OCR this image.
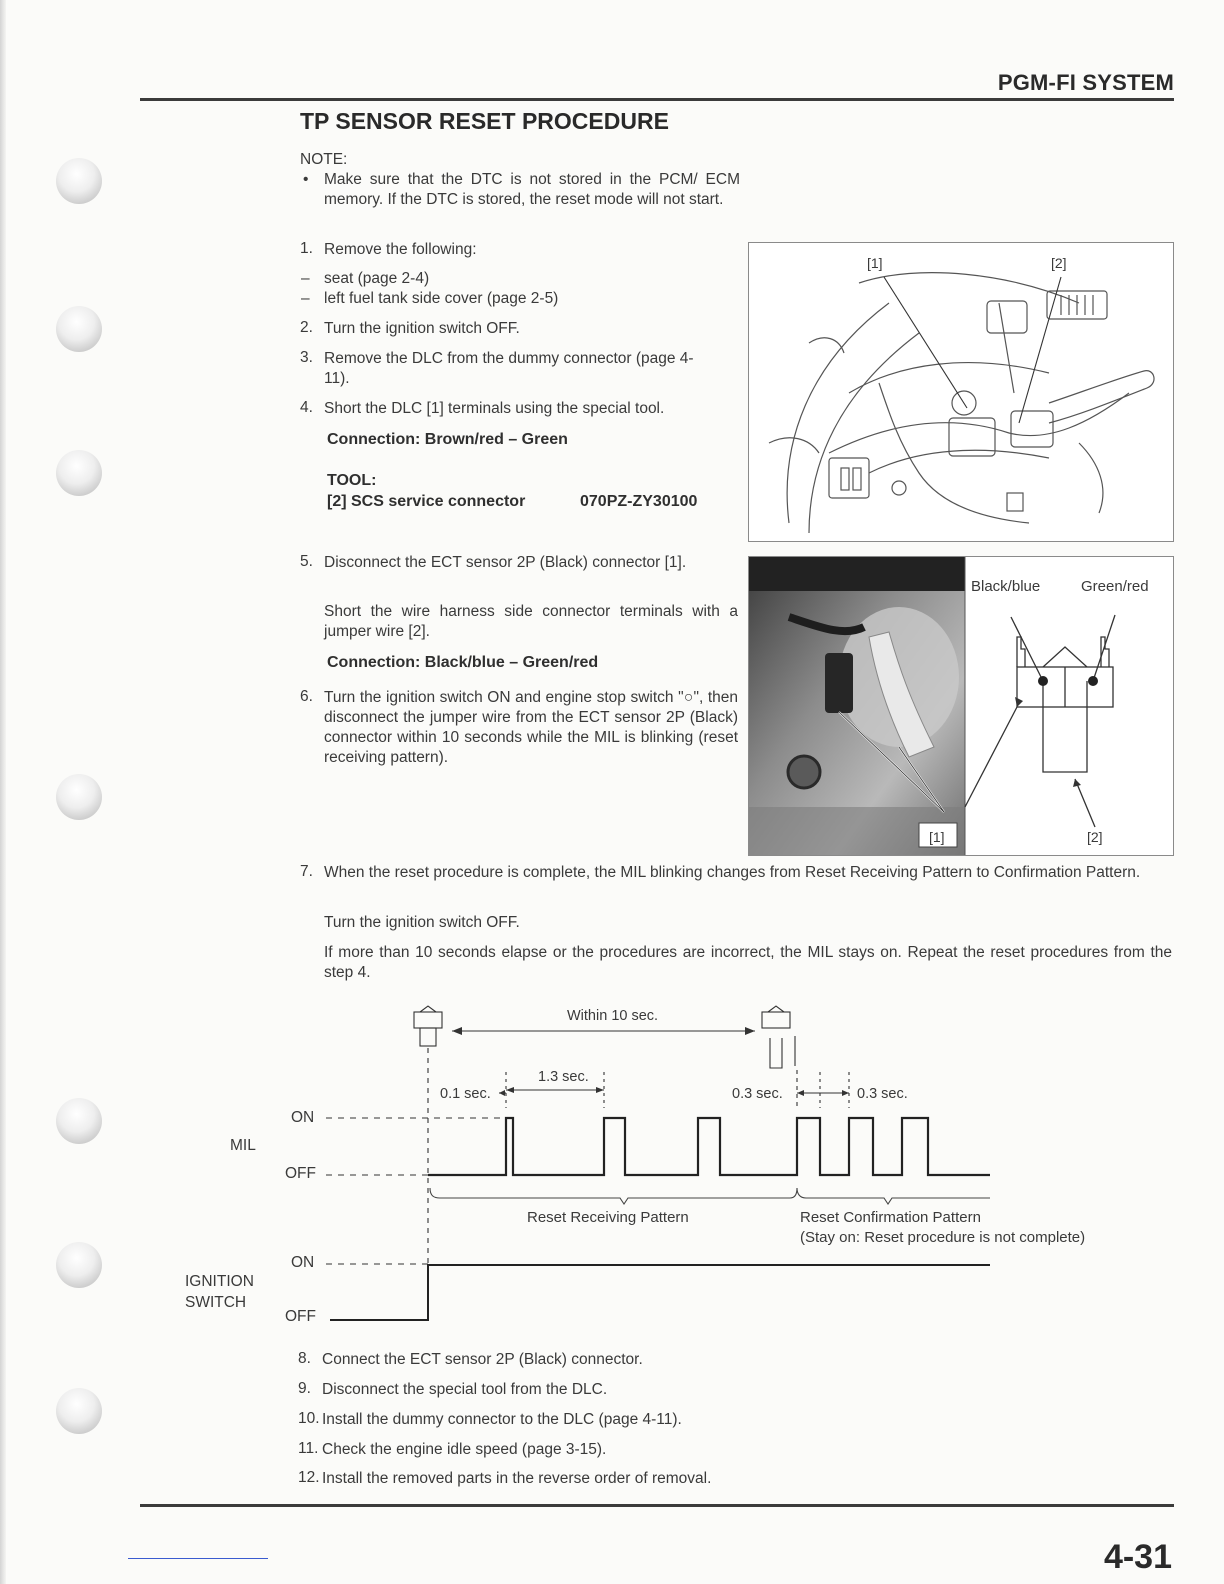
PGM-FI SYSTEM
TP SENSOR RESET PROCEDURE
NOTE:
• Make sure that the DTC is not stored in the PCM/ ECM memory. If the DTC is stored, the reset mode will not start.
1. Remove the following:
– seat (page 2-4)
– left fuel tank side cover (page 2-5)
2. Turn the ignition switch OFF.
3. Remove the DLC from the dummy connector (page 4-11).
4. Short the DLC [1] terminals using the special tool.
Connection: Brown/red – Green
TOOL:
[2] SCS service connector	070PZ-ZY30100
5. Disconnect the ECT sensor 2P (Black) connector [1].
Short the wire harness side connector terminals with a jumper wire [2].
Connection: Black/blue – Green/red
6. Turn the ignition switch ON and engine stop switch "○", then disconnect the jumper wire from the ECT sensor 2P (Black) connector within 10 seconds while the MIL is blinking (reset receiving pattern).
[1]	[2]
Black/blue	Green/red
[1]	[2]
7. When the reset procedure is complete, the MIL blinking changes from Reset Receiving Pattern to Confirmation Pattern.
Turn the ignition switch OFF.
If more than 10 seconds elapse or the procedures are incorrect, the MIL stays on. Repeat the reset procedures from the step 4.
Within 10 sec.
1.3 sec.
0.1 sec.	0.3 sec.	0.3 sec.
ON
MIL
OFF
Reset Receiving Pattern	Reset Confirmation Pattern
(Stay on: Reset procedure is not complete)
ON
IGNITION
SWITCH
OFF
8. Connect the ECT sensor 2P (Black) connector.
9. Disconnect the special tool from the DLC.
10. Install the dummy connector to the DLC (page 4-11).
11. Check the engine idle speed (page 3-15).
12. Install the removed parts in the reverse order of removal.
4-31
